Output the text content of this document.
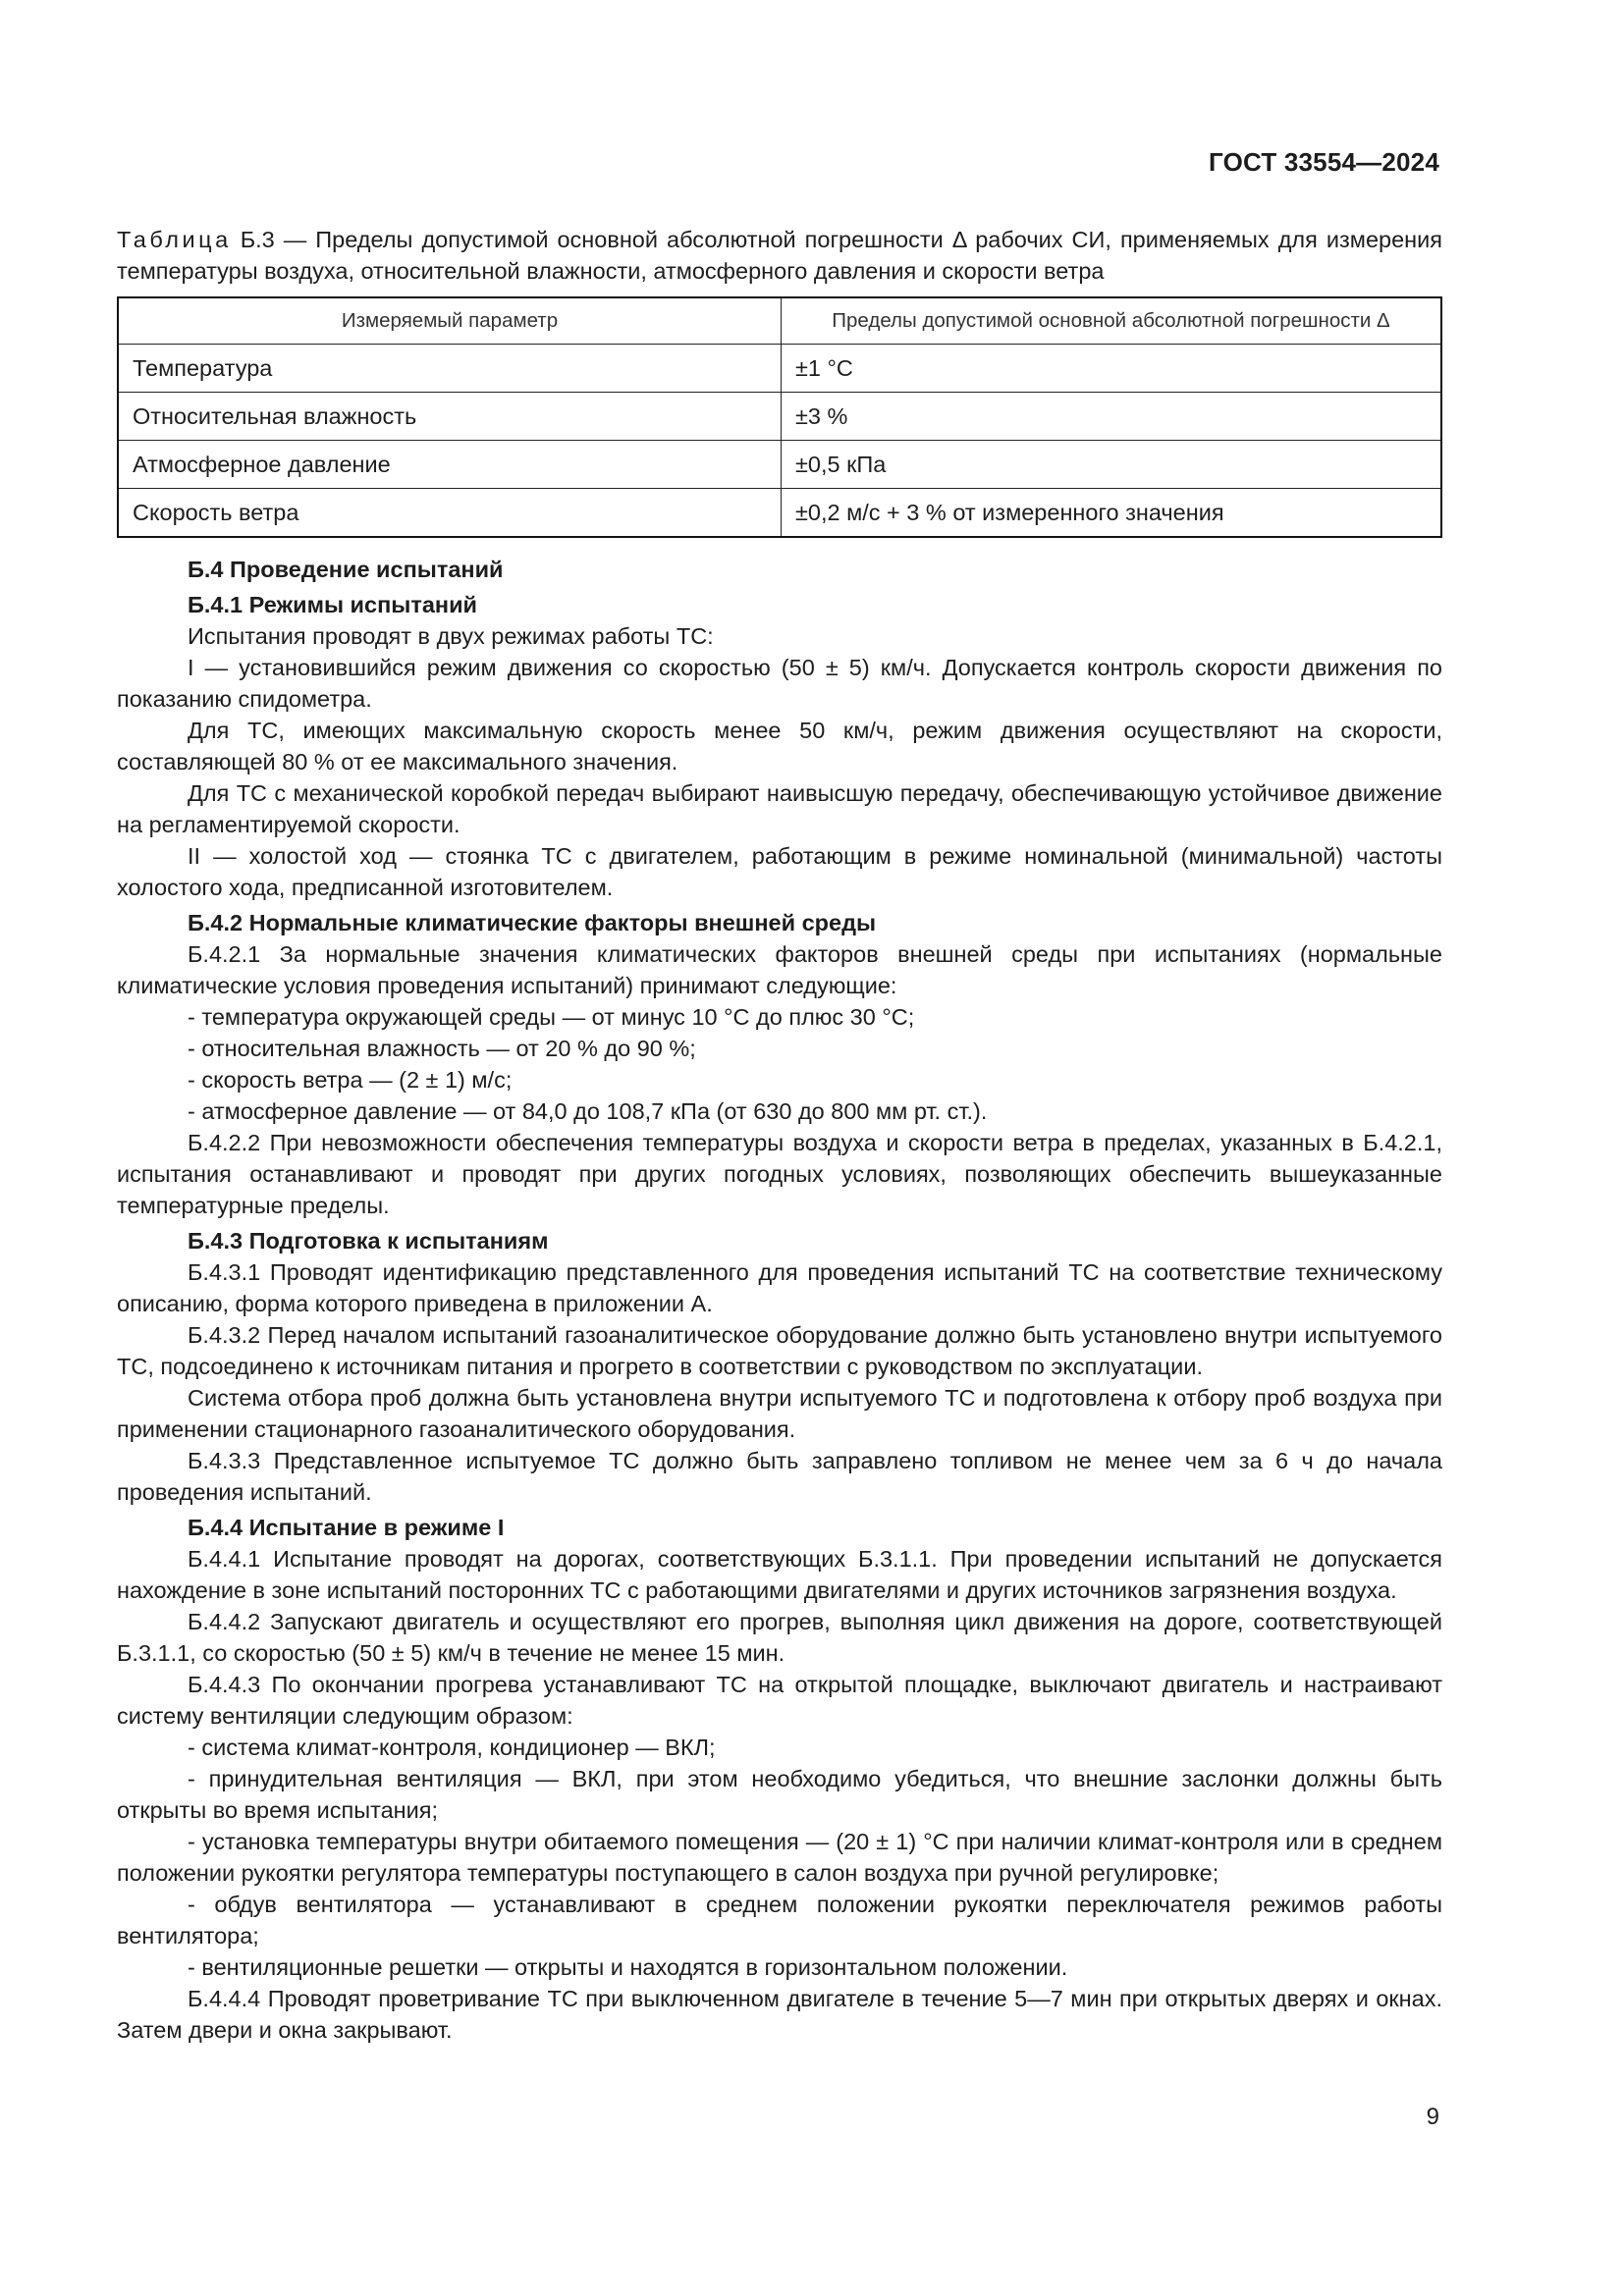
ГОСТ 33554—2024
Таблица Б.3 — Пределы допустимой основной абсолютной погрешности Δ рабочих СИ, применяемых для измерения температуры воздуха, относительной влажности, атмосферного давления и скорости ветра
Измеряемый параметр	Пределы допустимой основной абсолютной погрешности Δ
Температура	±1 °С
Относительная влажность	±3 %
Атмосферное давление	±0,5 кПа
Скорость ветра	±0,2 м/с + 3 % от измеренного значения

Б.4 Проведение испытаний

Б.4.1 Режимы испытаний

Испытания проводят в двух режимах работы ТС:

I — установившийся режим движения со скоростью (50 ± 5) км/ч. Допускается контроль скорости движения по показанию спидометра.

Для ТС, имеющих максимальную скорость менее 50 км/ч, режим движения осуществляют на скорости, составляющей 80 % от ее максимального значения.

Для ТС с механической коробкой передач выбирают наивысшую передачу, обеспечивающую устойчивое движение на регламентируемой скорости.

II — холостой ход — стоянка ТС с двигателем, работающим в режиме номинальной (минимальной) частоты холостого хода, предписанной изготовителем.

Б.4.2 Нормальные климатические факторы внешней среды

Б.4.2.1 За нормальные значения климатических факторов внешней среды при испытаниях (нормальные климатические условия проведения испытаний) принимают следующие:

- температура окружающей среды — от минус 10 °С до плюс 30 °С;

- относительная влажность — от 20 % до 90 %;

- скорость ветра — (2 ± 1) м/с;

- атмосферное давление — от 84,0 до 108,7 кПа (от 630 до 800 мм рт. ст.).

Б.4.2.2 При невозможности обеспечения температуры воздуха и скорости ветра в пределах, указанных в Б.4.2.1, испытания останавливают и проводят при других погодных условиях, позволяющих обеспечить вышеуказанные температурные пределы.

Б.4.3 Подготовка к испытаниям

Б.4.3.1 Проводят идентификацию представленного для проведения испытаний ТС на соответствие техническому описанию, форма которого приведена в приложении А.

Б.4.3.2 Перед началом испытаний газоаналитическое оборудование должно быть установлено внутри испытуемого ТС, подсоединено к источникам питания и прогрето в соответствии с руководством по эксплуатации.

Система отбора проб должна быть установлена внутри испытуемого ТС и подготовлена к отбору проб воздуха при применении стационарного газоаналитического оборудования.

Б.4.3.3 Представленное испытуемое ТС должно быть заправлено топливом не менее чем за 6 ч до начала проведения испытаний.

Б.4.4 Испытание в режиме I

Б.4.4.1 Испытание проводят на дорогах, соответствующих Б.3.1.1. При проведении испытаний не допускается нахождение в зоне испытаний посторонних ТС с работающими двигателями и других источников загрязнения воздуха.

Б.4.4.2 Запускают двигатель и осуществляют его прогрев, выполняя цикл движения на дороге, соответствующей Б.3.1.1, со скоростью (50 ± 5) км/ч в течение не менее 15 мин.

Б.4.4.3 По окончании прогрева устанавливают ТС на открытой площадке, выключают двигатель и настраивают систему вентиляции следующим образом:

- система климат-контроля, кондиционер — ВКЛ;

- принудительная вентиляция — ВКЛ, при этом необходимо убедиться, что внешние заслонки должны быть открыты во время испытания;

- установка температуры внутри обитаемого помещения — (20 ± 1) °С при наличии климат-контроля или в среднем положении рукоятки регулятора температуры поступающего в салон воздуха при ручной регулировке;

- обдув вентилятора — устанавливают в среднем положении рукоятки переключателя режимов работы вентилятора;

- вентиляционные решетки — открыты и находятся в горизонтальном положении.

Б.4.4.4 Проводят проветривание ТС при выключенном двигателе в течение 5—7 мин при открытых дверях и окнах. Затем двери и окна закрывают.

9
